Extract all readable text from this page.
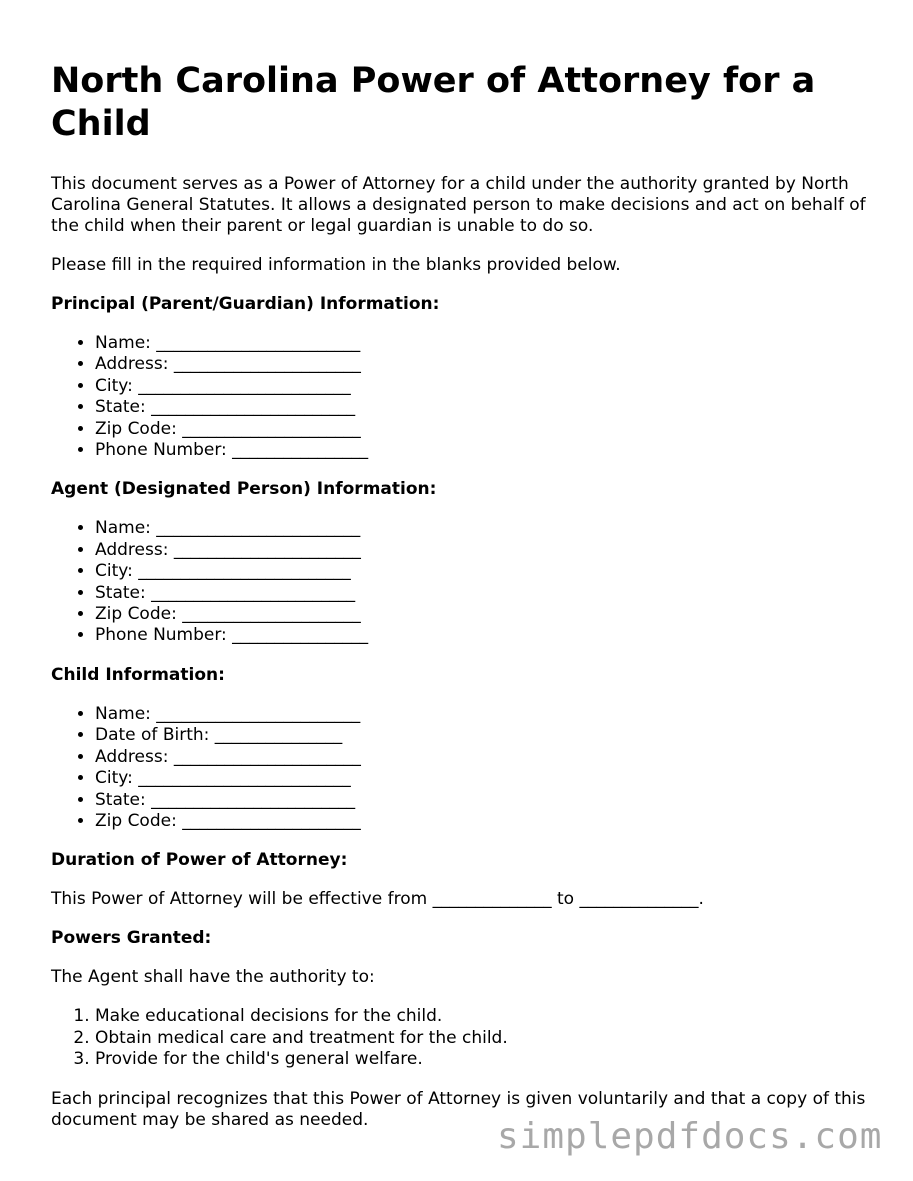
North Carolina Power of Attorney for a Child

This document serves as a Power of Attorney for a child under the authority granted by North Carolina General Statutes. It allows a designated person to make decisions and act on behalf of the child when their parent or legal guardian is unable to do so.

Please fill in the required information in the blanks provided below.

Principal (Parent/Guardian) Information:
• Name: ________________________
• Address: ______________________
• City: _________________________
• State: ________________________
• Zip Code: _____________________
• Phone Number: ________________
Agent (Designated Person) Information:
• Name: ________________________
• Address: ______________________
• City: _________________________
• State: ________________________
• Zip Code: _____________________
• Phone Number: ________________
Child Information:
• Name: ________________________
• Date of Birth: _______________
• Address: ______________________
• City: _________________________
• State: ________________________
• Zip Code: _____________________
Duration of Power of Attorney:

This Power of Attorney will be effective from ______________ to ______________.

Powers Granted:

The Agent shall have the authority to:

1. Make educational decisions for the child.
2. Obtain medical care and treatment for the child.
3. Provide for the child's general welfare.

Each principal recognizes that this Power of Attorney is given voluntarily and that a copy of this document may be shared as needed.	simplepdfdocs.com
